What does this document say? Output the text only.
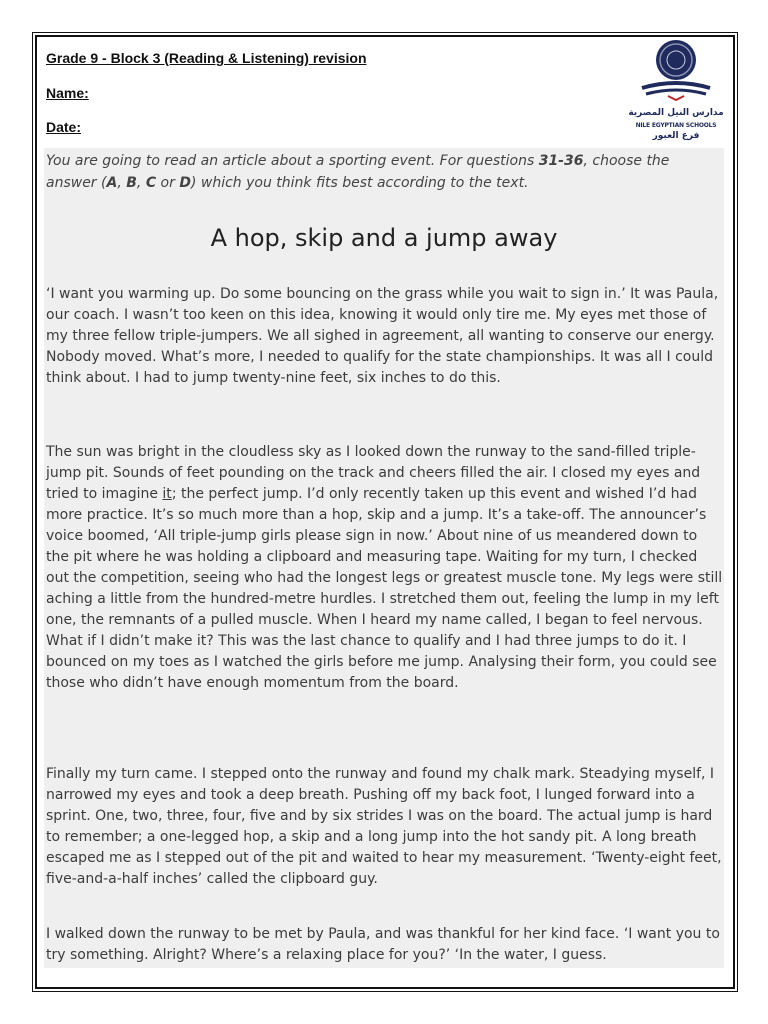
Grade 9 - Block 3 (Reading & Listening) revision
Name:
Date:
مدارس النيل المصرية
NILE EGYPTIAN SCHOOLS
فرع العبور
You are going to read an article about a sporting event. For questions 31-36, choose the answer (A, B, C or D) which you think fits best according to the text.
A hop, skip and a jump away
‘I want you warming up. Do some bouncing on the grass while you wait to sign in.’ It was Paula, our coach. I wasn’t too keen on this idea, knowing it would only tire me. My eyes met those of my three fellow triple-jumpers. We all sighed in agreement, all wanting to conserve our energy. Nobody moved. What’s more, I needed to qualify for the state championships. It was all I could think about. I had to jump twenty-nine feet, six inches to do this.
The sun was bright in the cloudless sky as I looked down the runway to the sand-filled triple-jump pit. Sounds of feet pounding on the track and cheers filled the air. I closed my eyes and tried to imagine it; the perfect jump. I’d only recently taken up this event and wished I’d had more practice. It’s so much more than a hop, skip and a jump. It’s a take-off. The announcer’s voice boomed, ‘All triple-jump girls please sign in now.’ About nine of us meandered down to the pit where he was holding a clipboard and measuring tape. Waiting for my turn, I checked out the competition, seeing who had the longest legs or greatest muscle tone. My legs were still aching a little from the hundred-metre hurdles. I stretched them out, feeling the lump in my left one, the remnants of a pulled muscle. When I heard my name called, I began to feel nervous. What if I didn’t make it? This was the last chance to qualify and I had three jumps to do it. I bounced on my toes as I watched the girls before me jump. Analysing their form, you could see those who didn’t have enough momentum from the board.
Finally my turn came. I stepped onto the runway and found my chalk mark. Steadying myself, I narrowed my eyes and took a deep breath. Pushing off my back foot, I lunged forward into a sprint. One, two, three, four, five and by six strides I was on the board. The actual jump is hard to remember; a one-legged hop, a skip and a long jump into the hot sandy pit. A long breath escaped me as I stepped out of the pit and waited to hear my measurement. ‘Twenty-eight feet, five-and-a-half inches’ called the clipboard guy.
I walked down the runway to be met by Paula, and was thankful for her kind face. ‘I want you to try something. Alright? Where’s a relaxing place for you?’ ‘In the water, I guess.
